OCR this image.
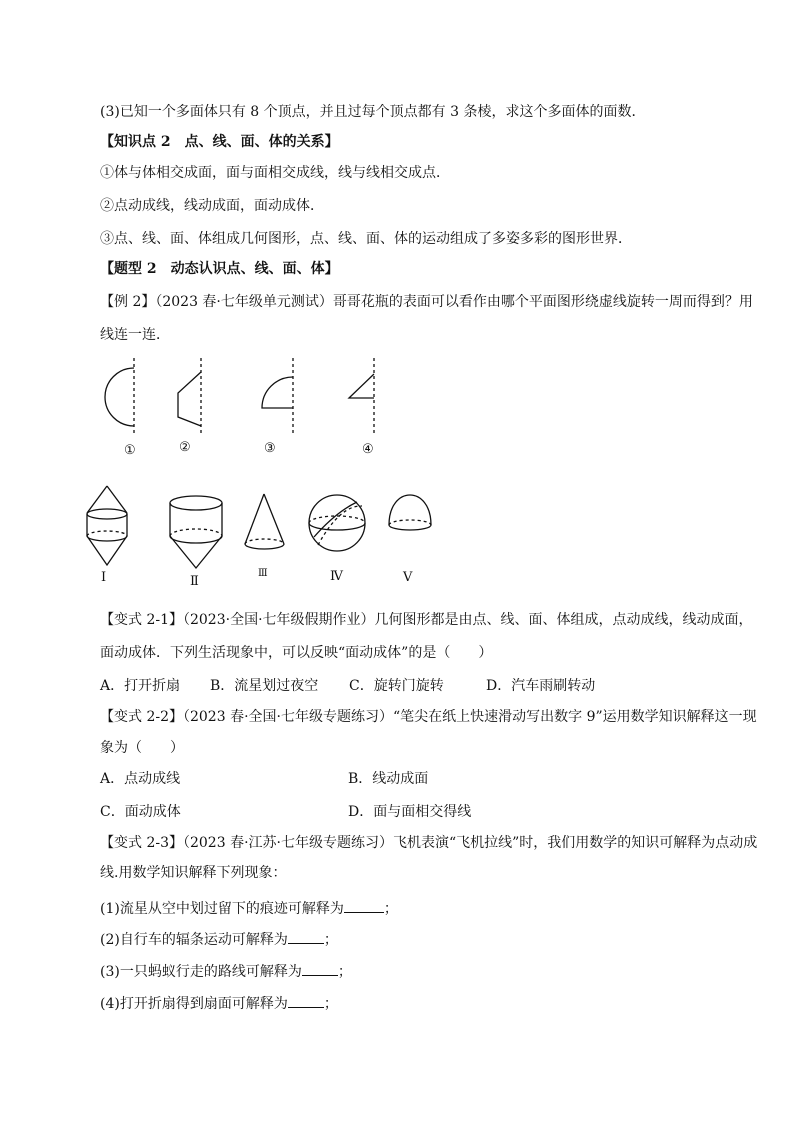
(3)已知一个多面体只有 8 个顶点，并且过每个顶点都有 3 条棱，求这个多面体的面数．
【知识点 2　点、线、面、体的关系】
①体与体相交成面，面与面相交成线，线与线相交成点．
②点动成线，线动成面，面动成体．
③点、线、面、体组成几何图形，点、线、面、体的运动组成了多姿多彩的图形世界．
【题型 2　动态认识点、线、面、体】
【例 2】（2023 春·七年级单元测试）哥哥花瓶的表面可以看作由哪个平面图形绕虚线旋转一周而得到？用
线连一连．
①	②	③	④
Ⅰ	Ⅱ
Ⅲ	Ⅳ	Ⅴ
【变式 2-1】（2023·全国·七年级假期作业）几何图形都是由点、线、面、体组成，点动成线，线动成面，
面动成体．下列生活现象中，可以反映“面动成体”的是（　　）
A．打开折扇 B．流星划过夜空 C．旋转门旋转	D．汽车雨刷转动
【变式 2-2】（2023 春·全国·七年级专题练习）“笔尖在纸上快速滑动写出数字 9”运用数学知识解释这一现
象为（　　）
A．点动成线	B．线动成面
C．面动成体	D．面与面相交得线
【变式 2-3】（2023 春·江苏·七年级专题练习）飞机表演“飞机拉线”时，我们用数学的知识可解释为点动成
线.用数学知识解释下列现象：
(1)流星从空中划过留下的痕迹可解释为	；
(2)自行车的辐条运动可解释为	；
(3)一只蚂蚁行走的路线可解释为	；
(4)打开折扇得到扇面可解释为	；
